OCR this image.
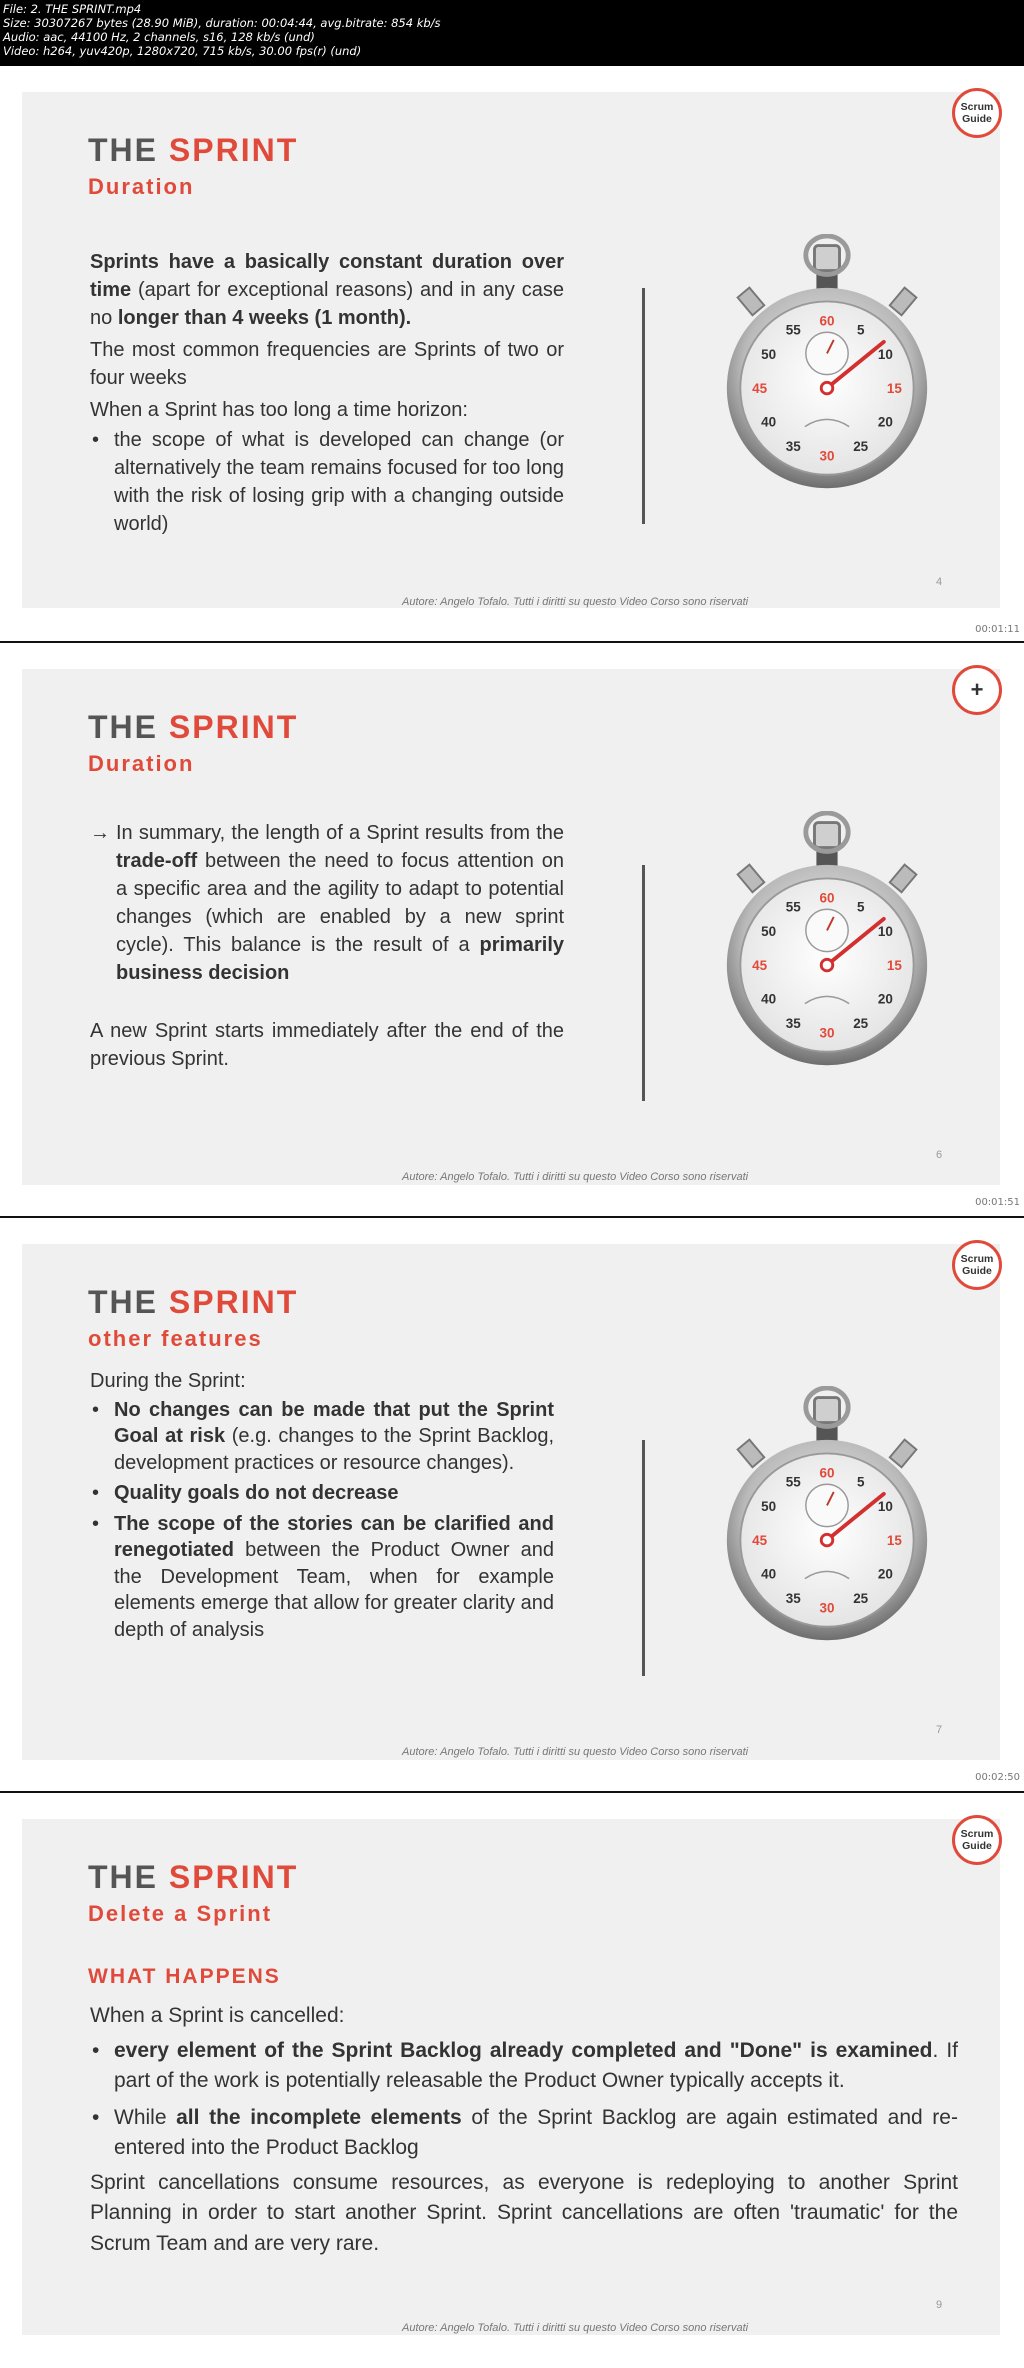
File: 2. THE SPRINT.mp4
Size: 30307267 bytes (28.90 MiB), duration: 00:04:44, avg.bitrate: 854 kb/s
Audio: aac, 44100 Hz, 2 channels, s16, 128 kb/s (und)
Video: h264, yuv420p, 1280x720, 715 kb/s, 30.00 fps(r) (und)
THE SPRINT
Duration

Sprints have a basically constant duration over time (apart for exceptional reasons) and in any case no longer than 4 weeks (1 month).

The most common frequencies are Sprints of two or four weeks

When a Sprint has too long a time horizon:

• the scope of what is developed can change (or alternatively the team remains focused for too long with the risk of losing grip with a changing outside world)
60
5
10
15
20
25
30
35
40
45
50
55
Autore: Angelo Tofalo. Tutti i diritti su questo Video Corso sono riservati
4
Scrum
Guide
00:01:11
THE SPRINT
Duration

→ In summary, the length of a Sprint results from the trade-off between the need to focus attention on a specific area and the agility to adapt to potential changes (which are enabled by a new sprint cycle). This balance is the result of a primarily business decision

A new Sprint starts immediately after the end of the previous Sprint.

60
5
10
15
20
25
30
35
40
45
50
55
Autore: Angelo Tofalo. Tutti i diritti su questo Video Corso sono riservati
6
+
00:01:51
THE SPRINT
other features

During the Sprint:

• No changes can be made that put the Sprint Goal at risk (e.g. changes to the Sprint Backlog, development practices or resource changes).
• Quality goals do not decrease
• The scope of the stories can be clarified and renegotiated between the Product Owner and the Development Team, when for example elements emerge that allow for greater clarity and depth of analysis
60
5
10
15
20
25
30
35
40
45
50
55
Autore: Angelo Tofalo. Tutti i diritti su questo Video Corso sono riservati
7
Scrum
Guide
00:02:50
THE SPRINT
Delete a Sprint
WHAT HAPPENS

When a Sprint is cancelled:

• every element of the Sprint Backlog already completed and "Done" is examined. If part of the work is potentially releasable the Product Owner typically accepts it.
• While all the incomplete elements of the Sprint Backlog are again estimated and re-entered into the Product Backlog

Sprint cancellations consume resources, as everyone is redeploying to another Sprint Planning in order to start another Sprint. Sprint cancellations are often 'traumatic' for the Scrum Team and are very rare.

Autore: Angelo Tofalo. Tutti i diritti su questo Video Corso sono riservati
9
Scrum
Guide
